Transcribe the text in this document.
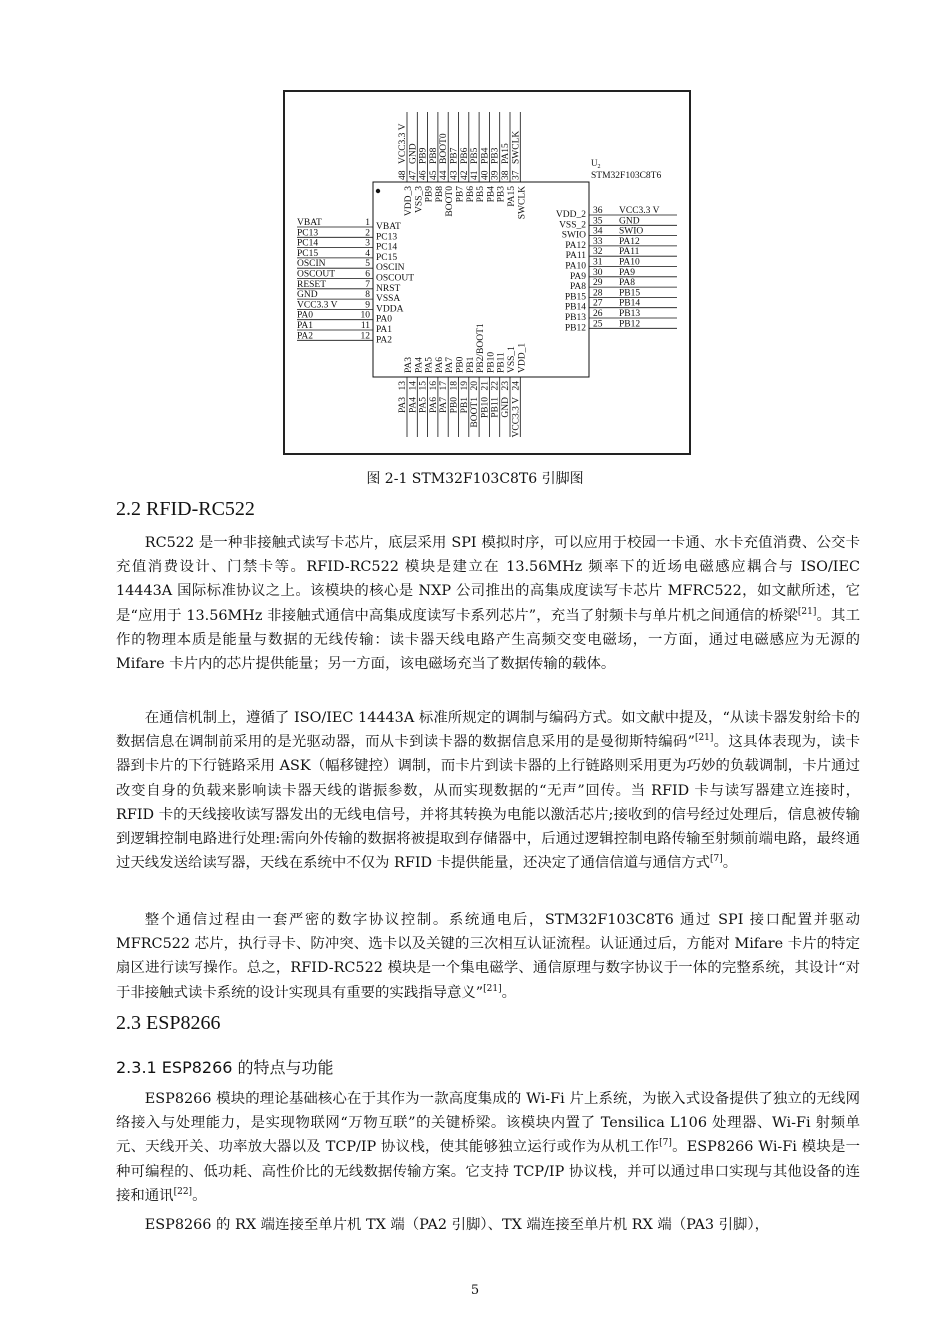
$U_2$
STM32F103C8T6
VBAT	1 VBAT
PC13	2 PC13
PC14	3 PC14
PC15	4 PC15
OSCIN	5 OSCIN
OSCOUT	6 OSCOUT
RESET	7 NRST
GND	8 VSSA
VCC3.3 V	9 VDDA
PA0	10 PA0
PA1	11 PA1
PA2	12 PA2
VCC3.3 V
36
VDD_2
GND
35
VSS_2
SWIO
34
SWIO
PA12
33
PA12
PA11
32
PA11
PA10
31
PA10
PA9
30
PA9
PA8
29
PA8
PB15
28
PB15
PB14
27
PB14
PB13
26
PB13
PB12
25
PB12
48
VCC3.3 V
VDD_3
47
GND
VSS_3
46
PB9
PB9
45
PB8
PB8
44
BOOT0
BOOT0
43
PB7
PB7
42
PB6
PB6
41
PB5
PB5
40
PB4
PB4
39
PB3
PB3
38
PA15
PA15
37
SWCLK
SWCLK
13
PA3
PA3
14
PA4
PA4
15
PA5
PA5
16
PA6
PA6
17
PA7
PA7
18
PB0
PB0
19
PB1
PB1
20
BOOT1
PB2/BOOT1
21
PB10
PB10
22
PB11
PB11
23
GND
VSS_1
24
VCC3.3 V
VDD_1
图 2-1 STM32F103C8T6 引脚图
2.2 RFID-RC522

RC522 是一种非接触式读写卡芯片，底层采用 SPI 模拟时序，可以应用于校园一卡通、水卡充值消费、公交卡充值消费设计、门禁卡等。RFID-RC522 模块是建立在 13.56MHz 频率下的近场电磁感应耦合与 ISO/IEC 14443A 国际标准协议之上。该模块的核心是 NXP 公司推出的高集成度读写卡芯片 MFRC522，如文献所述，它是“应用于 13.56MHz 非接触式通信中高集成度读写卡系列芯片”，充当了射频卡与单片机之间通信的桥梁[21]。其工作的物理本质是能量与数据的无线传输：读卡器天线电路产生高频交变电磁场，一方面，通过电磁感应为无源的 Mifare 卡片内的芯片提供能量；另一方面，该电磁场充当了数据传输的载体。

在通信机制上，遵循了 ISO/IEC 14443A 标准所规定的调制与编码方式。如文献中提及，“从读卡器发射给卡的数据信息在调制前采用的是光驱动器，而从卡到读卡器的数据信息采用的是曼彻斯特编码”[21]。这具体表现为，读卡器到卡片的下行链路采用 ASK（幅移键控）调制，而卡片到读卡器的上行链路则采用更为巧妙的负载调制，卡片通过改变自身的负载来影响读卡器天线的谐振参数，从而实现数据的“无声”回传。当 RFID 卡与读写器建立连接时，RFID 卡的天线接收读写器发出的无线电信号，并将其转换为电能以激活芯片;接收到的信号经过处理后，信息被传输到逻辑控制电路进行处理:需向外传输的数据将被提取到存储器中，后通过逻辑控制电路传输至射频前端电路，最终通过天线发送给读写器，天线在系统中不仅为 RFID 卡提供能量，还决定了通信信道与通信方式[7]。

整个通信过程由一套严密的数字协议控制。系统通电后，STM32F103C8T6 通过 SPI 接口配置并驱动 MFRC522 芯片，执行寻卡、防冲突、选卡以及关键的三次相互认证流程。认证通过后，方能对 Mifare 卡片的特定扇区进行读写操作。总之，RFID-RC522 模块是一个集电磁学、通信原理与数字协议于一体的完整系统，其设计“对于非接触式读卡系统的设计实现具有重要的实践指导意义”[21]。

2.3 ESP8266
2.3.1 ESP8266 的特点与功能

ESP8266 模块的理论基础核心在于其作为一款高度集成的 Wi-Fi 片上系统，为嵌入式设备提供了独立的无线网络接入与处理能力，是实现物联网“万物互联”的关键桥梁。该模块内置了 Tensilica L106 处理器、Wi-Fi 射频单元、天线开关、功率放大器以及 TCP/IP 协议栈，使其能够独立运行或作为从机工作[7]。ESP8266 Wi-Fi 模块是一种可编程的、低功耗、高性价比的无线数据传输方案。它支持 TCP/IP 协议栈，并可以通过串口实现与其他设备的连接和通讯[22]。

ESP8266 的 RX 端连接至单片机 TX 端（PA2 引脚）、TX 端连接至单片机 RX 端（PA3 引脚），

5
